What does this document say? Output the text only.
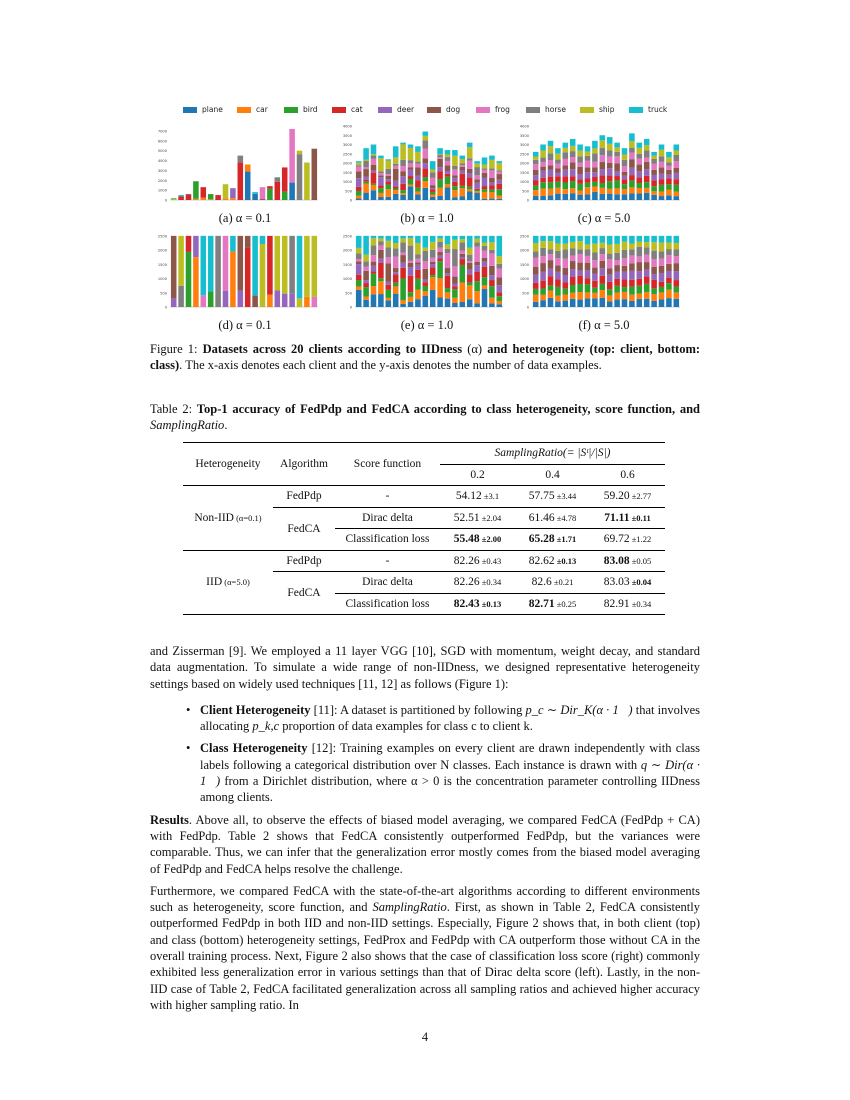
plane	car	bird	cat	deer	dog	frog	horse	ship	truck
0
1000
2000
3000
4000
5000
6000
7000
0
500
1000
1500
2000
2500
3000
3500
4000
0
500
1000
1500
2000
2500
3000
3500
4000
0
500
1000
1500
2000
2500
0
500
1000
1500
2000
2500
0
500
1000
1500
2000
2500
(a) α = 0.1	(b) α = 1.0	(c) α = 5.0
(d) α = 0.1	(e) α = 1.0	(f) α = 5.0
Figure 1: Datasets across 20 clients according to IIDness (α) and heterogeneity (top: client, bottom: class). The x-axis denotes each client and the y-axis denotes the number of data examples.
Table 2: Top-1 accuracy of FedPdp and FedCA according to class heterogeneity, score function, and SamplingRatio.
Heterogeneity	Algorithm	Score function	SamplingRatio(= |Sᵗ|/|S|)		
			0.2	0.4	0.6
Non-IID (α=0.1)	FedPdp	-	54.12 ±3.1	57.75 ±3.44	59.20 ±2.77
	FedCA	Dirac delta	52.51 ±2.04	61.46 ±4.78	71.11 ±0.11
		Classification loss	55.48 ±2.00	65.28 ±1.71	69.72 ±1.22
IID (α=5.0)	FedPdp	-	82.26 ±0.43	82.62 ±0.13	83.08 ±0.05
	FedCA	Dirac delta	82.26 ±0.34	82.6 ±0.21	83.03 ±0.04
		Classification loss	82.43 ±0.13	82.71 ±0.25	82.91 ±0.34

and Zisserman [9]. We employed a 11 layer VGG [10], SGD with momentum, weight decay, and standard data augmentation. To simulate a wide range of non-IIDness, we designed representative heterogeneity settings based on widely used techniques [11, 12] as follows (Figure 1):

• Client Heterogeneity [11]: A dataset is partitioned by following p_c ∼ Dir_K(α · 1⃗) that involves allocating p_k,c proportion of data examples for class c to client k.
• Class Heterogeneity [12]: Training examples on every client are drawn independently with class labels following a categorical distribution over N classes. Each instance is drawn with q ∼ Dir(α · 1⃗) from a Dirichlet distribution, where α > 0 is the concentration parameter controlling IIDness among clients.

Results. Above all, to observe the effects of biased model averaging, we compared FedCA (FedPdp + CA) with FedPdp. Table 2 shows that FedCA consistently outperformed FedPdp, but the variances were comparable. Thus, we can infer that the generalization error mostly comes from the biased model averaging of FedPdp and FedCA helps resolve the challenge.

Furthermore, we compared FedCA with the state-of-the-art algorithms according to different environments such as heterogeneity, score function, and SamplingRatio. First, as shown in Table 2, FedCA consistently outperformed FedPdp in both IID and non-IID settings. Especially, Figure 2 shows that, in both client (top) and class (bottom) heterogeneity settings, FedProx and FedPdp with CA outperform those without CA in the overall training process. Next, Figure 2 also shows that the case of classification loss score (right) commonly exhibited less generalization error in various settings than that of Dirac delta score (left). Lastly, in the non-IID case of Table 2, FedCA facilitated generalization across all sampling ratios and achieved higher accuracy with higher sampling ratio. In

4
